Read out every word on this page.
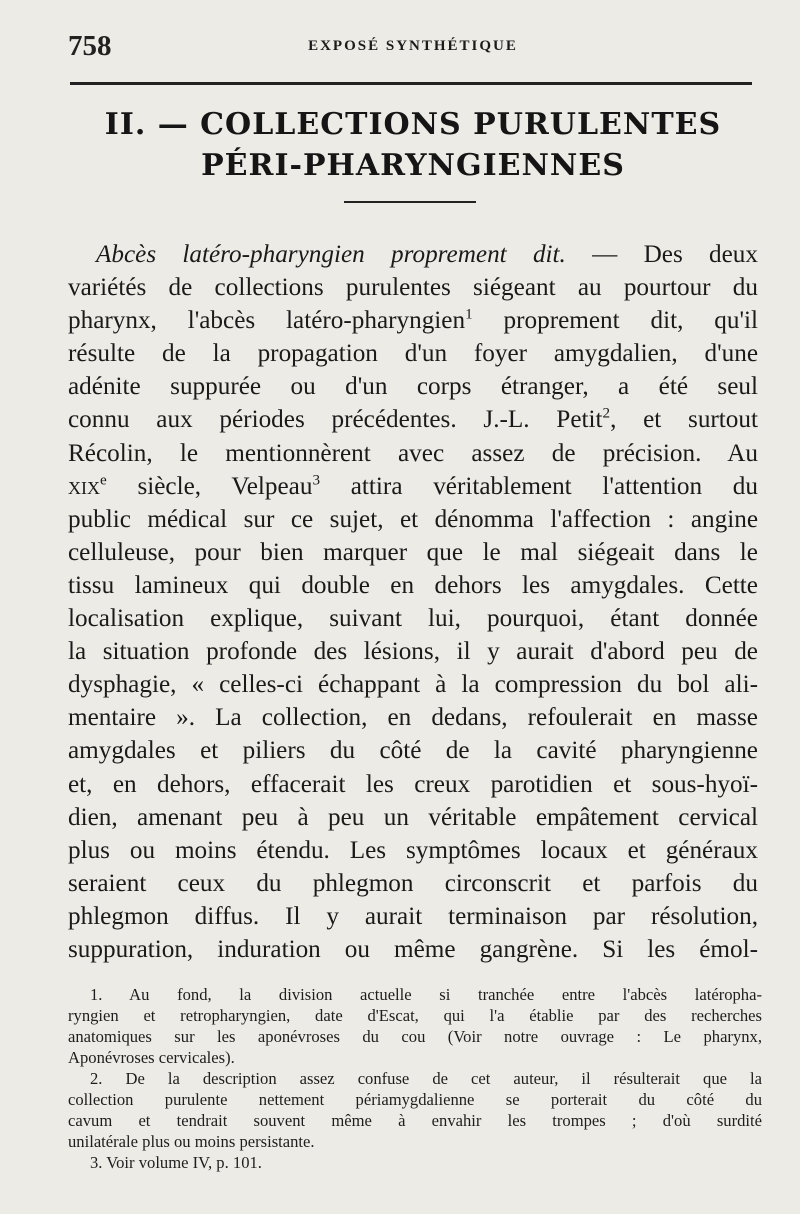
758	EXPOSÉ SYNTHÉTIQUE
II. — COLLECTIONS PURULENTES
PÉRI-PHARYNGIENNES
Abcès latéro-pharyngien proprement dit. — Des deux
variétés de collections purulentes siégeant au pourtour du
pharynx, l'abcès latéro-pharyngien$^1$ proprement dit, qu'il
résulte de la propagation d'un foyer amygdalien, d'une
adénite suppurée ou d'un corps étranger, a été seul
connu aux périodes précédentes. J.-L. Petit$^2$, et surtout
Récolin, le mentionnèrent avec assez de précision. Au
xix$^e$ siècle, Velpeau$^3$ attira véritablement l'attention du
public médical sur ce sujet, et dénomma l'affection : angine
celluleuse, pour bien marquer que le mal siégeait dans le
tissu lamineux qui double en dehors les amygdales. Cette
localisation explique, suivant lui, pourquoi, étant donnée
la situation profonde des lésions, il y aurait d'abord peu de
dysphagie, « celles-ci échappant à la compression du bol ali-
mentaire ». La collection, en dedans, refoulerait en masse
amygdales et piliers du côté de la cavité pharyngienne
et, en dehors, effacerait les creux parotidien et sous-hyoï-
dien, amenant peu à peu un véritable empâtement cervical
plus ou moins étendu. Les symptômes locaux et généraux
seraient ceux du phlegmon circonscrit et parfois du
phlegmon diffus. Il y aurait terminaison par résolution,
suppuration, induration ou même gangrène. Si les émol-
1. Au fond, la division actuelle si tranchée entre l'abcès latéropha-
ryngien et retropharyngien, date d'Escat, qui l'a établie par des recherches
anatomiques sur les aponévroses du cou (Voir notre ouvrage : Le pharynx,
Aponévroses cervicales).
2. De la description assez confuse de cet auteur, il résulterait que la
collection purulente nettement périamygdalienne se porterait du côté du
cavum et tendrait souvent même à envahir les trompes ; d'où surdité
unilatérale plus ou moins persistante.
3. Voir volume IV, p. 101.
